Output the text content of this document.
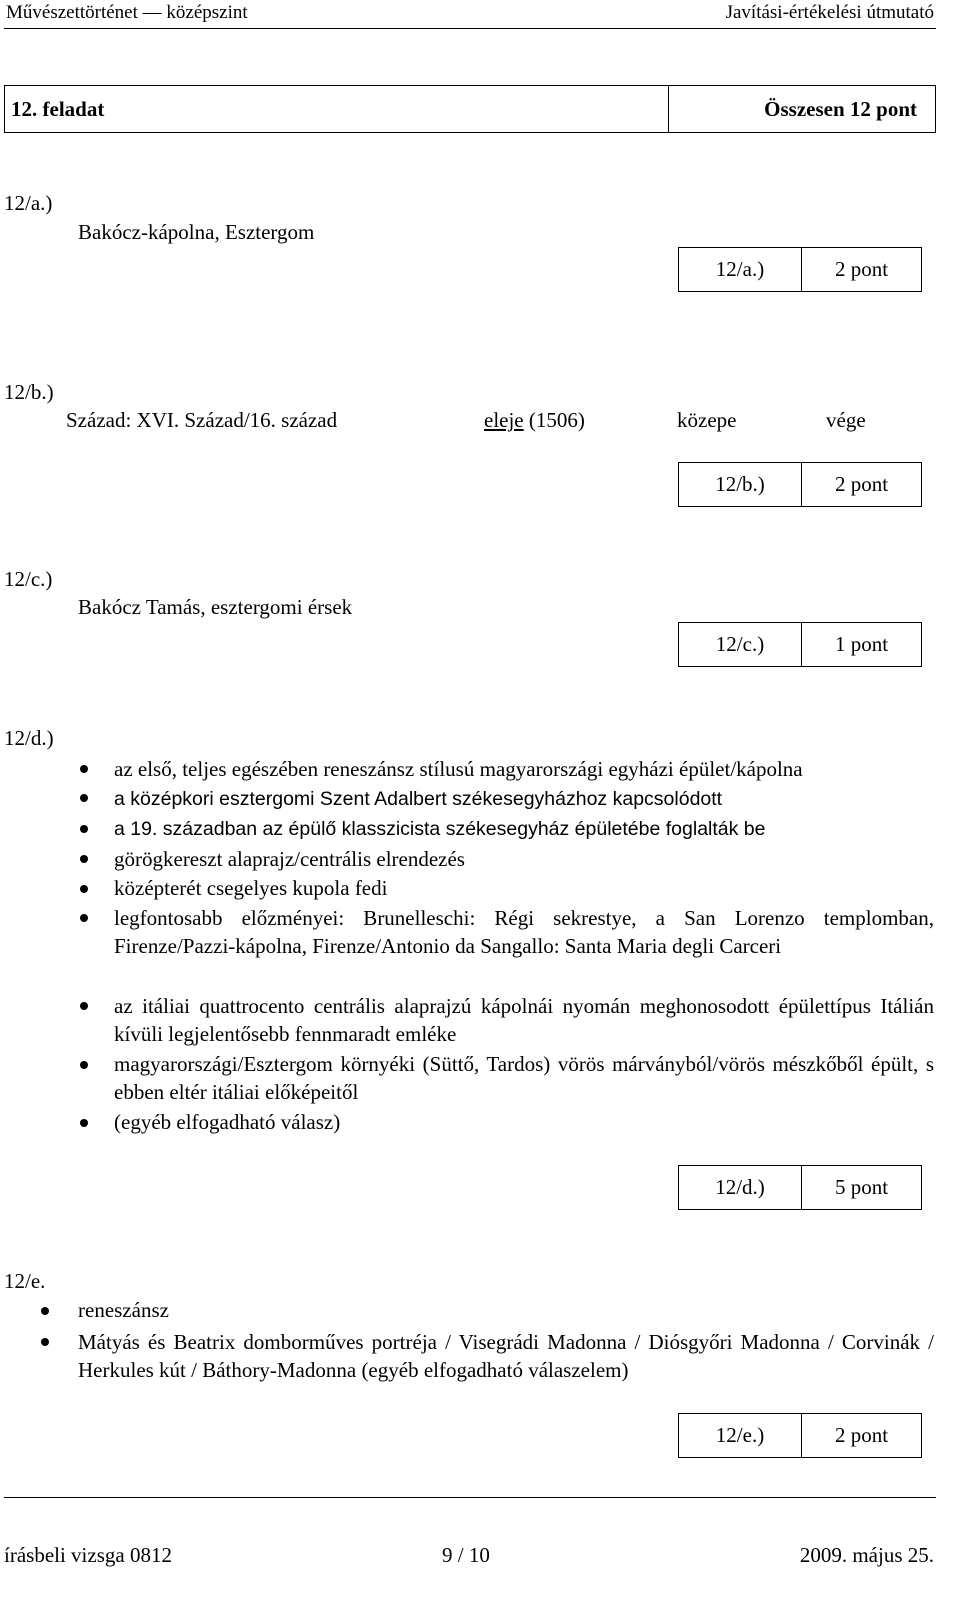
Művészettörténet — középszint	Javítási-értékelési útmutató
12. feladat	Összesen 12 pont
12/a.)
Bakócz-kápolna, Esztergom
12/a.)	2 pont
12/b.)
Század: XVI. Század/16. század	eleje (1506)	közepe	vége
12/b.)	2 pont
12/c.)
Bakócz Tamás, esztergomi érsek
12/c.)	1 pont
12/d.)
az első, teljes egészében reneszánsz stílusú magyarországi egyházi épület/kápolna
a középkori esztergomi Szent Adalbert székesegyházhoz kapcsolódott
a 19. században az épülő klasszicista székesegyház épületébe foglalták be
görögkereszt alaprajz/centrális elrendezés
középterét csegelyes kupola fedi
legfontosabb előzményei: Brunelleschi: Régi sekrestye, a San Lorenzo templomban, Firenze/Pazzi-kápolna, Firenze/Antonio da Sangallo: Santa Maria degli Carceri
az itáliai quattrocento centrális alaprajzú kápolnái nyomán meghonosodott épülettípus Itálián kívüli legjelentősebb fennmaradt emléke
magyarországi/Esztergom környéki (Süttő, Tardos) vörös márványból/vörös mészkőből épült, s ebben eltér itáliai előképeitől
(egyéb elfogadható válasz)
12/d.)	5 pont
12/e.
reneszánsz
Mátyás és Beatrix domborműves portréja / Visegrádi Madonna / Diósgyőri Madonna / Corvinák / Herkules kút / Báthory-Madonna (egyéb elfogadható válaszelem)
12/e.)	2 pont
írásbeli vizsga 0812	9 / 10	2009. május 25.
